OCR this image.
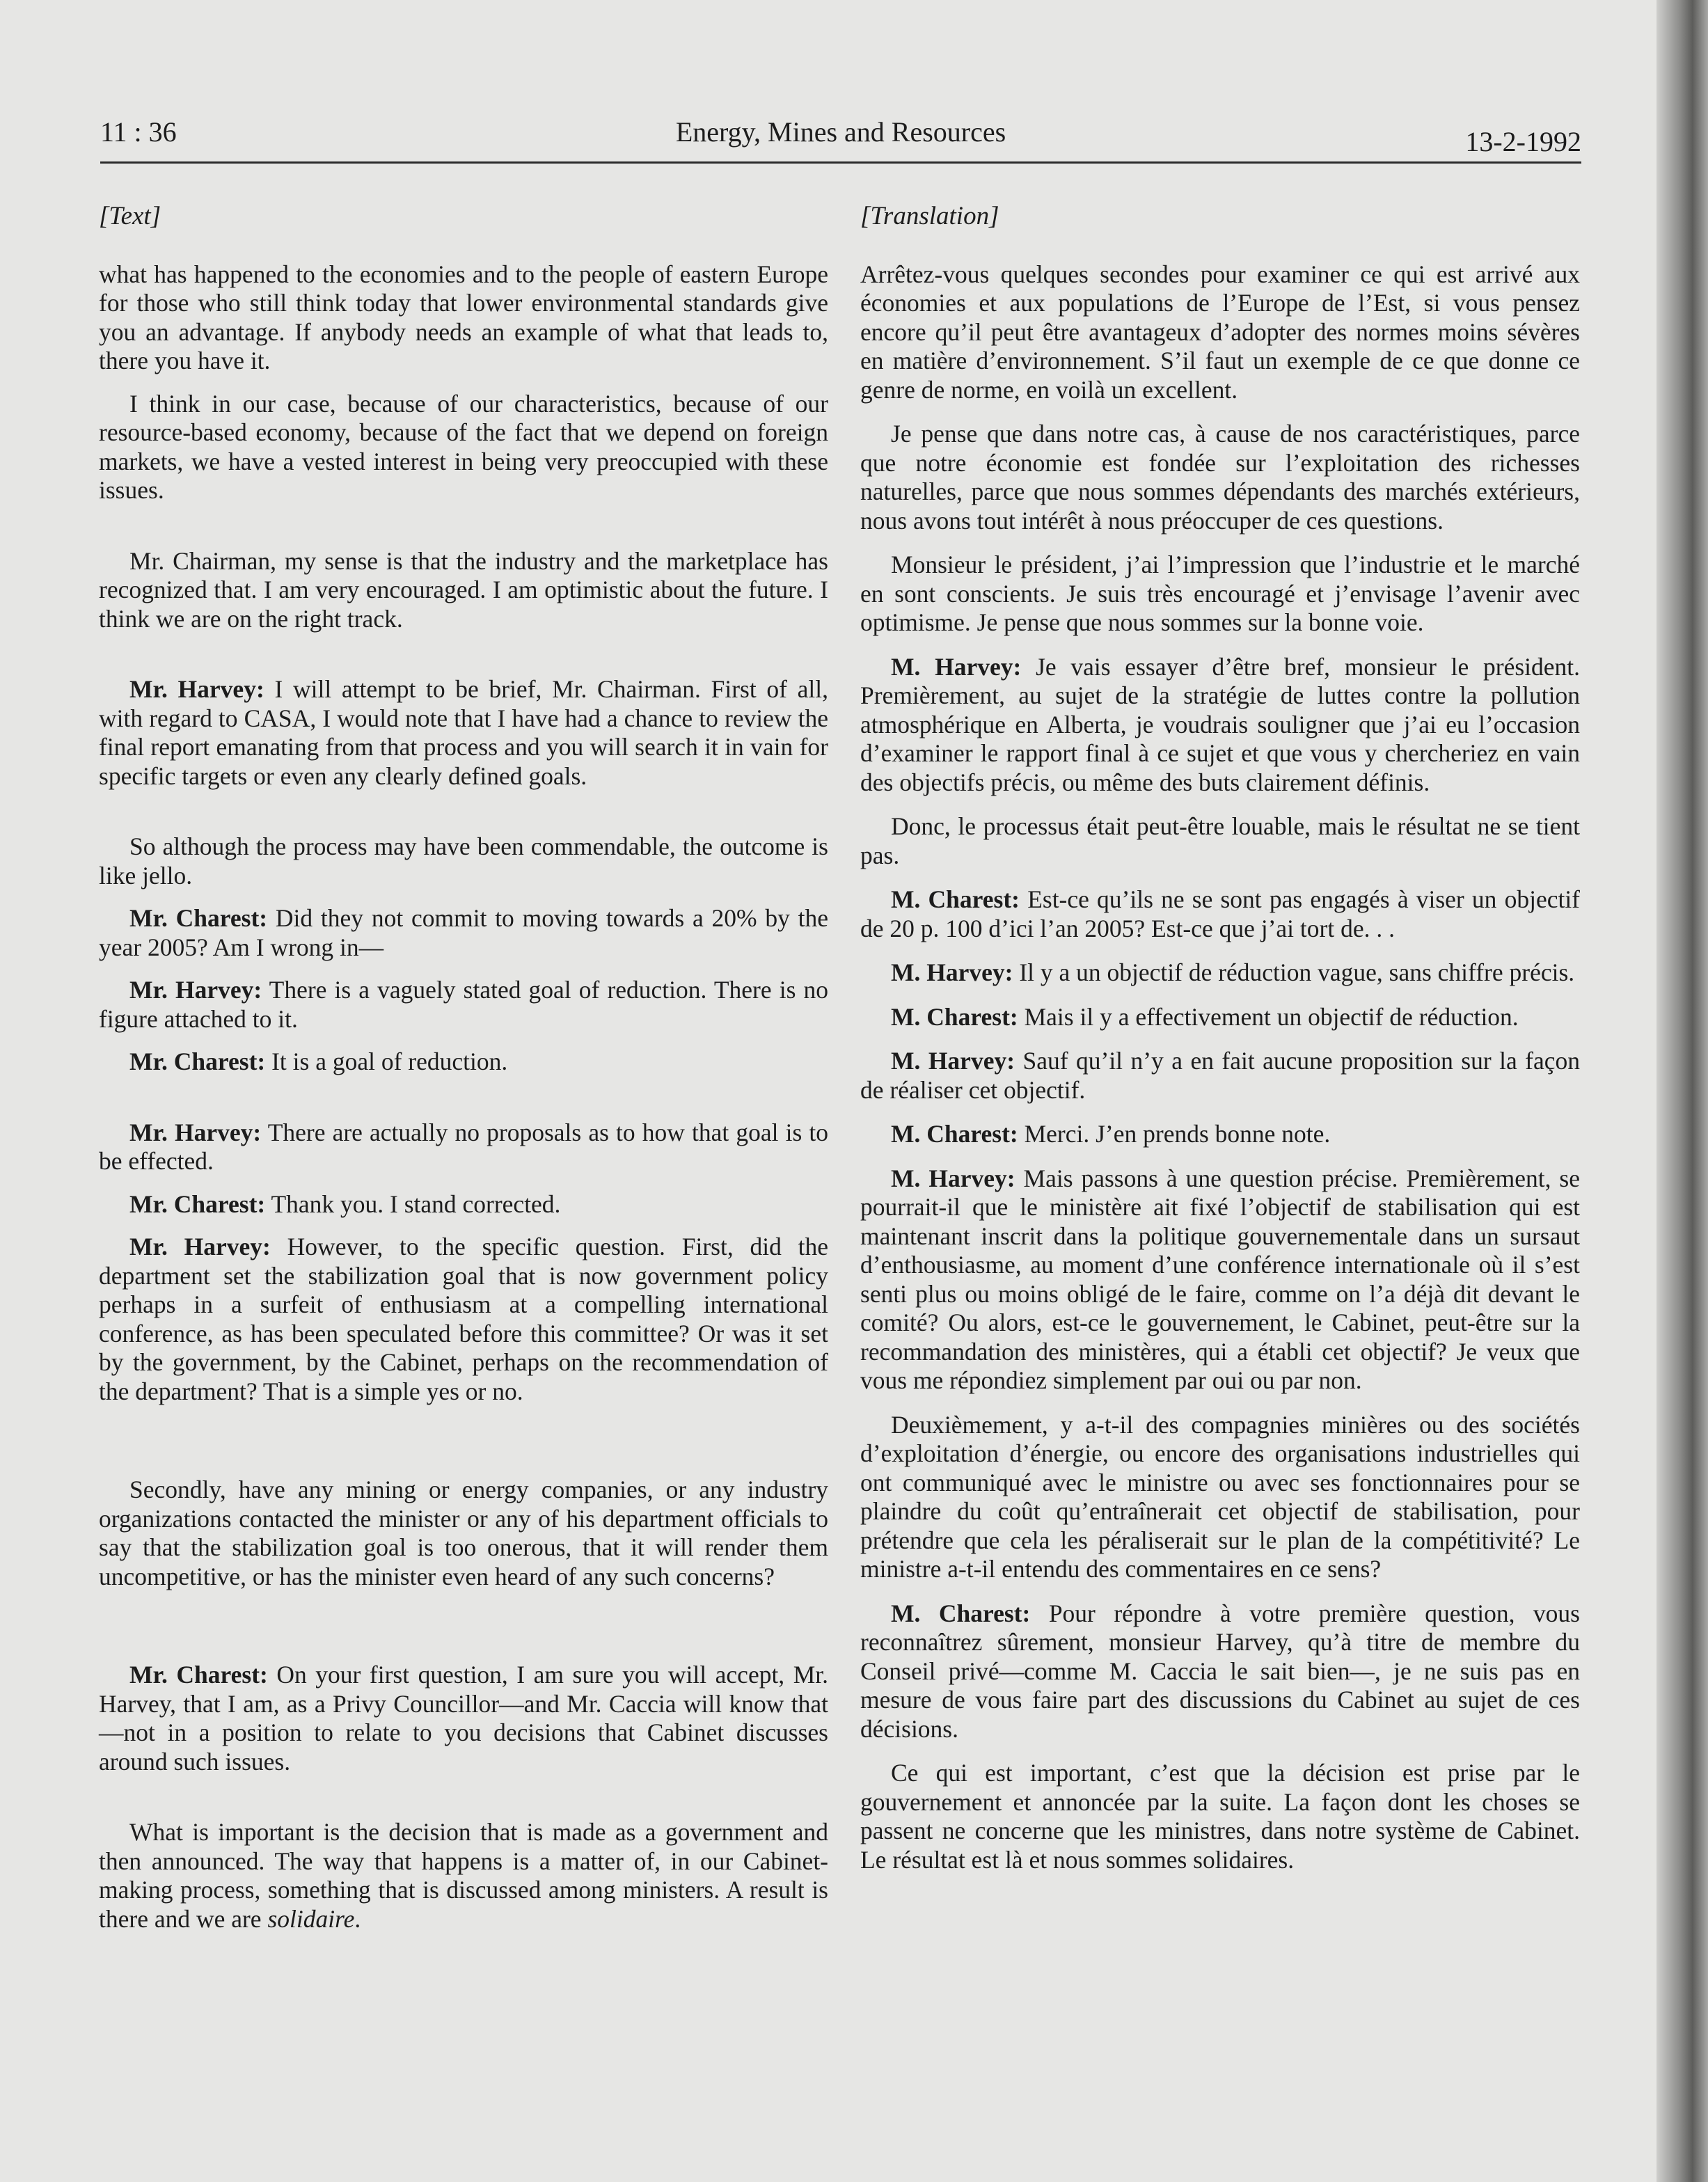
11 : 36	Energy, Mines and Resources	13-2-1992
[Text]

what has happened to the economies and to the people of eastern Europe for those who still think today that lower environmental standards give you an advantage. If anybody needs an example of what that leads to, there you have it.

I think in our case, because of our characteristics, because of our resource-based economy, because of the fact that we depend on foreign markets, we have a vested interest in being very preoccupied with these issues.

Mr. Chairman, my sense is that the industry and the marketplace has recognized that. I am very encouraged. I am optimistic about the future. I think we are on the right track.

Mr. Harvey: I will attempt to be brief, Mr. Chairman. First of all, with regard to CASA, I would note that I have had a chance to review the final report emanating from that process and you will search it in vain for specific targets or even any clearly defined goals.

So although the process may have been commendable, the outcome is like jello.

Mr. Charest: Did they not commit to moving towards a 20% by the year 2005? Am I wrong in—

Mr. Harvey: There is a vaguely stated goal of reduction. There is no figure attached to it.

Mr. Charest: It is a goal of reduction.

Mr. Harvey: There are actually no proposals as to how that goal is to be effected.

Mr. Charest: Thank you. I stand corrected.

Mr. Harvey: However, to the specific question. First, did the department set the stabilization goal that is now government policy perhaps in a surfeit of enthusiasm at a compelling international conference, as has been speculated before this committee? Or was it set by the government, by the Cabinet, perhaps on the recommendation of the department? That is a simple yes or no.

Secondly, have any mining or energy companies, or any industry organizations contacted the minister or any of his department officials to say that the stabilization goal is too onerous, that it will render them uncompetitive, or has the minister even heard of any such concerns?

Mr. Charest: On your first question, I am sure you will accept, Mr. Harvey, that I am, as a Privy Councillor—and Mr. Caccia will know that—not in a position to relate to you decisions that Cabinet discusses around such issues.

What is important is the decision that is made as a government and then announced. The way that happens is a matter of, in our Cabinet-making process, something that is discussed among ministers. A result is there and we are solidaire.

[Translation]

Arrêtez-vous quelques secondes pour examiner ce qui est arrivé aux économies et aux populations de l’Europe de l’Est, si vous pensez encore qu’il peut être avantageux d’adopter des normes moins sévères en matière d’environnement. S’il faut un exemple de ce que donne ce genre de norme, en voilà un excellent.

Je pense que dans notre cas, à cause de nos caractéristiques, parce que notre économie est fondée sur l’exploitation des richesses naturelles, parce que nous sommes dépendants des marchés extérieurs, nous avons tout intérêt à nous préoccuper de ces questions.

Monsieur le président, j’ai l’impression que l’industrie et le marché en sont conscients. Je suis très encouragé et j’envisage l’avenir avec optimisme. Je pense que nous sommes sur la bonne voie.

M. Harvey: Je vais essayer d’être bref, monsieur le président. Premièrement, au sujet de la stratégie de luttes contre la pollution atmosphérique en Alberta, je voudrais souligner que j’ai eu l’occasion d’examiner le rapport final à ce sujet et que vous y chercheriez en vain des objectifs précis, ou même des buts clairement définis.

Donc, le processus était peut-être louable, mais le résultat ne se tient pas.

M. Charest: Est-ce qu’ils ne se sont pas engagés à viser un objectif de 20 p. 100 d’ici l’an 2005? Est-ce que j’ai tort de. . .

M. Harvey: Il y a un objectif de réduction vague, sans chiffre précis.

M. Charest: Mais il y a effectivement un objectif de réduction.

M. Harvey: Sauf qu’il n’y a en fait aucune proposition sur la façon de réaliser cet objectif.

M. Charest: Merci. J’en prends bonne note.

M. Harvey: Mais passons à une question précise. Premièrement, se pourrait-il que le ministère ait fixé l’objectif de stabilisation qui est maintenant inscrit dans la politique gouvernementale dans un sursaut d’enthousiasme, au moment d’une conférence internationale où il s’est senti plus ou moins obligé de le faire, comme on l’a déjà dit devant le comité? Ou alors, est-ce le gouvernement, le Cabinet, peut-être sur la recommandation des ministères, qui a établi cet objectif? Je veux que vous me répondiez simplement par oui ou par non.

Deuxièmement, y a-t-il des compagnies minières ou des sociétés d’exploitation d’énergie, ou encore des organisations industrielles qui ont communiqué avec le ministre ou avec ses fonctionnaires pour se plaindre du coût qu’entraînerait cet objectif de stabilisation, pour prétendre que cela les péraliserait sur le plan de la compétitivité? Le ministre a-t-il entendu des commentaires en ce sens?

M. Charest: Pour répondre à votre première question, vous reconnaîtrez sûrement, monsieur Harvey, qu’à titre de membre du Conseil privé—comme M. Caccia le sait bien—, je ne suis pas en mesure de vous faire part des discussions du Cabinet au sujet de ces décisions.

Ce qui est important, c’est que la décision est prise par le gouvernement et annoncée par la suite. La façon dont les choses se passent ne concerne que les ministres, dans notre système de Cabinet. Le résultat est là et nous sommes solidaires.
